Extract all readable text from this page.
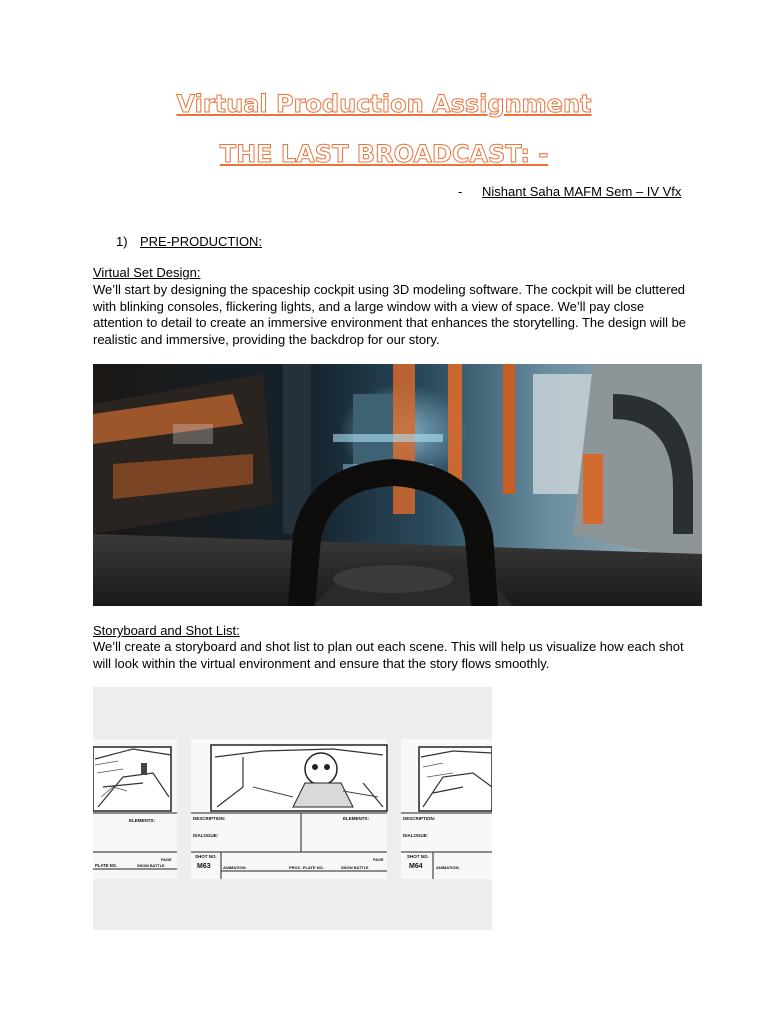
Virtual Production Assignment
THE LAST BROADCAST: -
- Nishant Saha MAFM Sem – IV Vfx
1) PRE-PRODUCTION:
Virtual Set Design:
We’ll start by designing the spaceship cockpit using 3D modeling software. The cockpit will be cluttered with blinking consoles, flickering lights, and a large window with a view of space. We’ll pay close attention to detail to create an immersive environment that enhances the storytelling. The design will be realistic and immersive, providing the backdrop for our story.
Storyboard and Shot List:
We’ll create a storyboard and shot list to plan out each scene. This will help us visualize how each shot will look within the virtual environment and ensure that the story flows smoothly.
ELEMENTS:
PLATE NO.	SNOW BATTLE
PAGE
DESCRIPTION:	ELEMENTS:
DIALOGUE:
SHOT NO.
M63	ANIMATION:	PROC. PLATE NO.	SNOW BATTLE
PAGE
DESCRIPTION:
DIALOGUE:
SHOT NO.
M64	ANIMATION:
